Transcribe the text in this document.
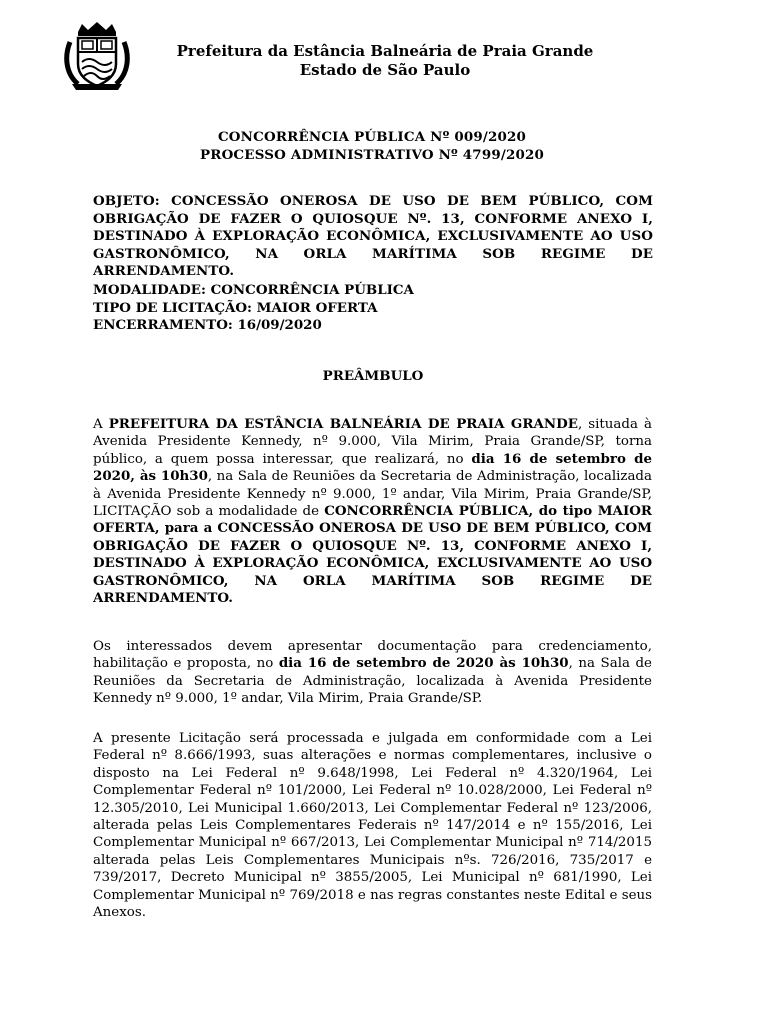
Prefeitura da Estância Balneária de Praia Grande
Estado de São Paulo
CONCORRÊNCIA PÚBLICA Nº 009/2020
PROCESSO ADMINISTRATIVO Nº 4799/2020

OBJETO: CONCESSÃO ONEROSA DE USO DE BEM PÚBLICO, COM OBRIGAÇÃO DE FAZER O QUIOSQUE Nº. 13, CONFORME ANEXO I, DESTINADO À EXPLORAÇÃO ECONÔMICA, EXCLUSIVAMENTE AO USO GASTRONÔMICO, NA ORLA MARÍTIMA SOB REGIME DE ARRENDAMENTO.

MODALIDADE: CONCORRÊNCIA PÚBLICA
TIPO DE LICITAÇÃO: MAIOR OFERTA
ENCERRAMENTO: 16/09/2020
PREÂMBULO

A PREFEITURA DA ESTÂNCIA BALNEÁRIA DE PRAIA GRANDE, situada à Avenida Presidente Kennedy, nº 9.000, Vila Mirim, Praia Grande/SP, torna público, a quem possa interessar, que realizará, no dia 16 de setembro de 2020, às 10h30, na Sala de Reuniões da Secretaria de Administração, localizada à Avenida Presidente Kennedy nº 9.000, 1º andar, Vila Mirim, Praia Grande/SP, LICITAÇÃO sob a modalidade de CONCORRÊNCIA PÚBLICA, do tipo MAIOR OFERTA, para a CONCESSÃO ONEROSA DE USO DE BEM PÚBLICO, COM OBRIGAÇÃO DE FAZER O QUIOSQUE Nº. 13, CONFORME ANEXO I, DESTINADO À EXPLORAÇÃO ECONÔMICA, EXCLUSIVAMENTE AO USO GASTRONÔMICO, NA ORLA MARÍTIMA SOB REGIME DE ARRENDAMENTO.

Os interessados devem apresentar documentação para credenciamento, habilitação e proposta, no dia 16 de setembro de 2020 às 10h30, na Sala de Reuniões da Secretaria de Administração, localizada à Avenida Presidente Kennedy nº 9.000, 1º andar, Vila Mirim, Praia Grande/SP.

A presente Licitação será processada e julgada em conformidade com a Lei Federal nº 8.666/1993, suas alterações e normas complementares, inclusive o disposto na Lei Federal nº 9.648/1998, Lei Federal nº 4.320/1964, Lei Complementar Federal nº 101/2000, Lei Federal nº 10.028/2000, Lei Federal nº 12.305/2010, Lei Municipal 1.660/2013, Lei Complementar Federal nº 123/2006, alterada pelas Leis Complementares Federais nº 147/2014 e nº 155/2016, Lei Complementar Municipal nº 667/2013, Lei Complementar Municipal nº 714/2015 alterada pelas Leis Complementares Municipais nºs. 726/2016, 735/2017 e 739/2017, Decreto Municipal nº 3855/2005, Lei Municipal nº 681/1990, Lei Complementar Municipal nº 769/2018 e nas regras constantes neste Edital e seus Anexos.
